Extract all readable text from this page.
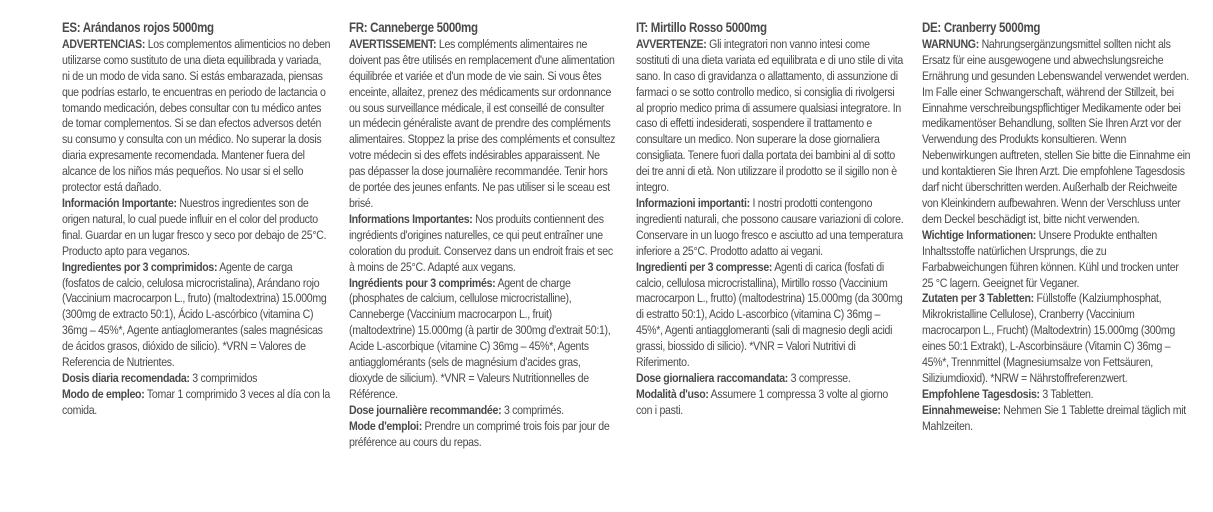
ES: Arándanos rojos 5000mg

ADVERTENCIAS: Los complementos alimenticios no deben utilizarse como sustituto de una dieta equilibrada y variada, ni de un modo de vida sano. Si estás embarazada, piensas que podrías estarlo, te encuentras en periodo de lactancia o tomando medicación, debes consultar con tu médico antes de tomar complementos. Si se dan efectos adversos detén su consumo y consulta con un médico. No superar la dosis diaria expresamente recomendada. Mantener fuera del alcance de los niños más pequeños. No usar si el sello protector está dañado.

Información Importante: Nuestros ingredientes son de origen natural, lo cual puede influir en el color del producto final. Guardar en un lugar fresco y seco por debajo de 25°C. Producto apto para veganos.

Ingredientes por 3 comprimidos: Agente de carga (fosfatos de calcio, celulosa microcristalina), Arándano rojo (Vaccinium macrocarpon L., fruto) (maltodextrina) 15.000mg (300mg de extracto 50:1), Ácido L-ascórbico (vitamina C) 36mg – 45%*, Agente antiaglomerantes (sales magnésicas de ácidos grasos, dióxido de silicio). *VRN = Valores de Referencia de Nutrientes.

Dosis diaria recomendada: 3 comprimidos

Modo de empleo: Tomar 1 comprimido 3 veces al día con la comida.

FR: Canneberge 5000mg

AVERTISSEMENT: Les compléments alimentaires ne doivent pas être utilisés en remplacement d'une alimentation équilibrée et variée et d'un mode de vie sain. Si vous êtes enceinte, allaitez, prenez des médicaments sur ordonnance ou sous surveillance médicale, il est conseillé de consulter un médecin généraliste avant de prendre des compléments alimentaires. Stoppez la prise des compléments et consultez votre médecin si des effets indésirables apparaissent. Ne pas dépasser la dose journalière recommandée. Tenir hors de portée des jeunes enfants. Ne pas utiliser si le sceau est brisé.

Informations Importantes: Nos produits contiennent des ingrédients d'origines naturelles, ce qui peut entraîner une coloration du produit. Conservez dans un endroit frais et sec à moins de 25°C. Adapté aux vegans.

Ingrédients pour 3 comprimés: Agent de charge (phosphates de calcium, cellulose microcristalline), Canneberge (Vaccinium macrocarpon L., fruit) (maltodextrine) 15.000mg (à partir de 300mg d'extrait 50:1), Acide L-ascorbique (vitamine C) 36mg – 45%*, Agents antiagglomérants (sels de magnésium d'acides gras, dioxyde de silicium). *VNR = Valeurs Nutritionnelles de Référence.

Dose journalière recommandée: 3 comprimés.

Mode d'emploi: Prendre un comprimé trois fois par jour de préférence au cours du repas.

IT: Mirtillo Rosso 5000mg

AVVERTENZE: Gli integratori non vanno intesi come sostituti di una dieta variata ed equilibrata e di uno stile di vita sano. In caso di gravidanza o allattamento, di assunzione di farmaci o se sotto controllo medico, si consiglia di rivolgersi al proprio medico prima di assumere qualsiasi integratore. In caso di effetti indesiderati, sospendere il trattamento e consultare un medico. Non superare la dose giornaliera consigliata. Tenere fuori dalla portata dei bambini al di sotto dei tre anni di età. Non utilizzare il prodotto se il sigillo non è integro.

Informazioni importanti: I nostri prodotti contengono ingredienti naturali, che possono causare variazioni di colore. Conservare in un luogo fresco e asciutto ad una temperatura inferiore a 25°C. Prodotto adatto ai vegani.

Ingredienti per 3 compresse: Agenti di carica (fosfati di calcio, cellulosa microcristallina), Mirtillo rosso (Vaccinium macrocarpon L., frutto) (maltodestrina) 15.000mg (da 300mg di estratto 50:1), Acido L-ascorbico (vitamina C) 36mg – 45%*, Agenti antiagglomeranti (sali di magnesio degli acidi grassi, biossido di silicio). *VNR = Valori Nutritivi di Riferimento.

Dose giornaliera raccomandata: 3 compresse.

Modalità d'uso: Assumere 1 compressa 3 volte al giorno con i pasti.

DE: Cranberry 5000mg

WARNUNG: Nahrungsergänzungsmittel sollten nicht als Ersatz für eine ausgewogene und abwechslungsreiche Ernährung und gesunden Lebenswandel verwendet werden. Im Falle einer Schwangerschaft, während der Stillzeit, bei Einnahme verschreibungspflichtiger Medikamente oder bei medikamentöser Behandlung, sollten Sie Ihren Arzt vor der Verwendung des Produkts konsultieren. Wenn Nebenwirkungen auftreten, stellen Sie bitte die Einnahme ein und kontaktieren Sie Ihren Arzt. Die empfohlene Tagesdosis darf nicht überschritten werden. Außerhalb der Reichweite von Kleinkindern aufbewahren. Wenn der Verschluss unter dem Deckel beschädigt ist, bitte nicht verwenden.

Wichtige Informationen: Unsere Produkte enthalten Inhaltsstoffe natürlichen Ursprungs, die zu Farbabweichungen führen können. Kühl und trocken unter 25 °C lagern. Geeignet für Veganer.

Zutaten per 3 Tabletten: Füllstoffe (Kalziumphosphat, Mikrokristalline Cellulose), Cranberry (Vaccinium macrocarpon L., Frucht) (Maltodextrin) 15.000mg (300mg eines 50:1 Extrakt), L-Ascorbinsäure (Vitamin C) 36mg – 45%*, Trennmittel (Magnesiumsalze von Fettsäuren, Siliziumdioxid). *NRW = Nährstoffreferenzwert.

Empfohlene Tagesdosis: 3 Tabletten.

Einnahmeweise: Nehmen Sie 1 Tablette dreimal täglich mit Mahlzeiten.
